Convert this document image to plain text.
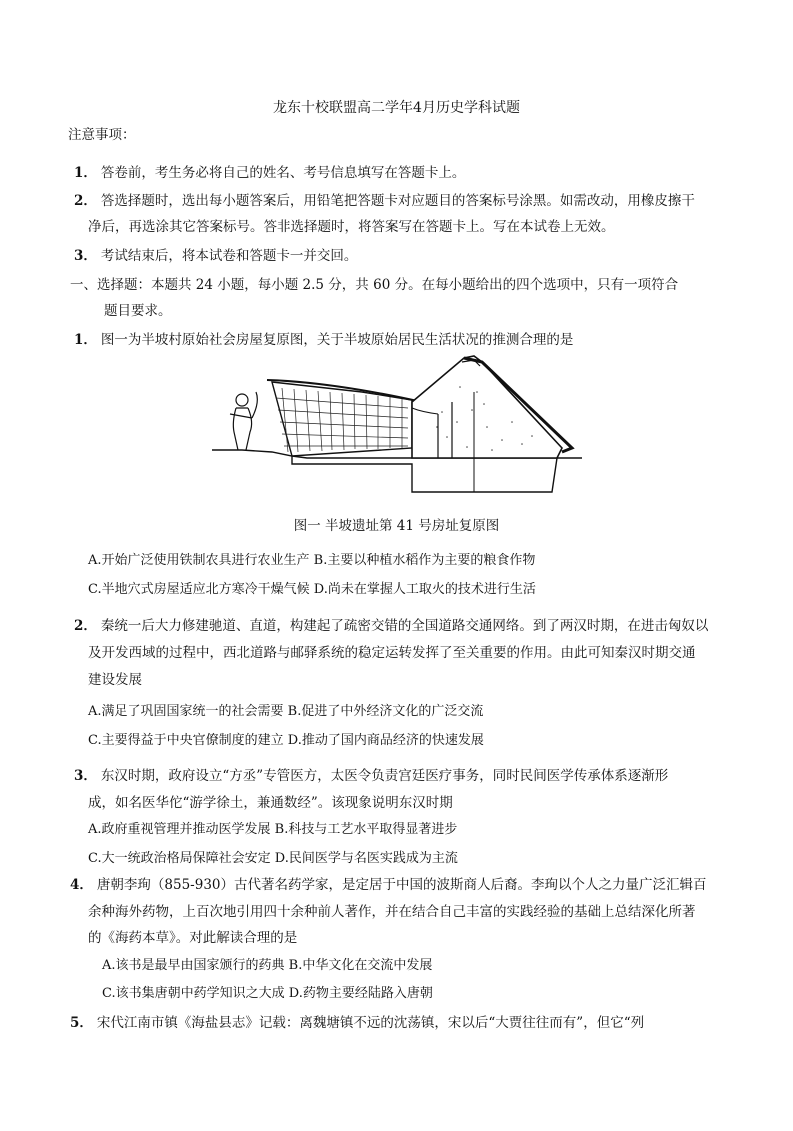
龙东十校联盟高二学年4月历史学科试题
注意事项：
1． 答卷前，考生务必将自己的姓名、考号信息填写在答题卡上。
2． 答选择题时，选出每小题答案后，用铅笔把答题卡对应题目的答案标号涂黑。如需改动，用橡皮擦干
净后，再选涂其它答案标号。答非选择题时，将答案写在答题卡上。写在本试卷上无效。
3． 考试结束后，将本试卷和答题卡一并交回。
一、选择题：本题共 24 小题，每小题 2.5 分，共 60 分。在每小题给出的四个选项中，只有一项符合
题目要求。
1． 图一为半坡村原始社会房屋复原图，关于半坡原始居民生活状况的推测合理的是
图一 半坡遗址第 41 号房址复原图
A.开始广泛使用铁制农具进行农业生产 B.主要以种植水稻作为主要的粮食作物
C.半地穴式房屋适应北方寒冷干燥气候 D.尚未在掌握人工取火的技术进行生活
2． 秦统一后大力修建驰道、直道，构建起了疏密交错的全国道路交通网络。到了两汉时期，在进击匈奴以
及开发西域的过程中，西北道路与邮驿系统的稳定运转发挥了至关重要的作用。由此可知秦汉时期交通
建设发展
A.满足了巩固国家统一的社会需要 B.促进了中外经济文化的广泛交流
C.主要得益于中央官僚制度的建立 D.推动了国内商品经济的快速发展
3． 东汉时期，政府设立“方丞”专管医方，太医令负责宫廷医疗事务，同时民间医学传承体系逐渐形
成，如名医华佗“游学徐土，兼通数经”。该现象说明东汉时期
A.政府重视管理并推动医学发展 B.科技与工艺水平取得显著进步
C.大一统政治格局保障社会安定 D.民间医学与名医实践成为主流
4． 唐朝李珣（855-930）古代著名药学家，是定居于中国的波斯商人后裔。李珣以个人之力量广泛汇辑百
余种海外药物，上百次地引用四十余种前人著作，并在结合自己丰富的实践经验的基础上总结深化所著
的《海药本草》。对此解读合理的是
A.该书是最早由国家颁行的药典 B.中华文化在交流中发展
C.该书集唐朝中药学知识之大成 D.药物主要经陆路入唐朝
5． 宋代江南市镇《海盐县志》记载：离魏塘镇不远的沈荡镇，宋以后“大贾往往而有”，但它“列
